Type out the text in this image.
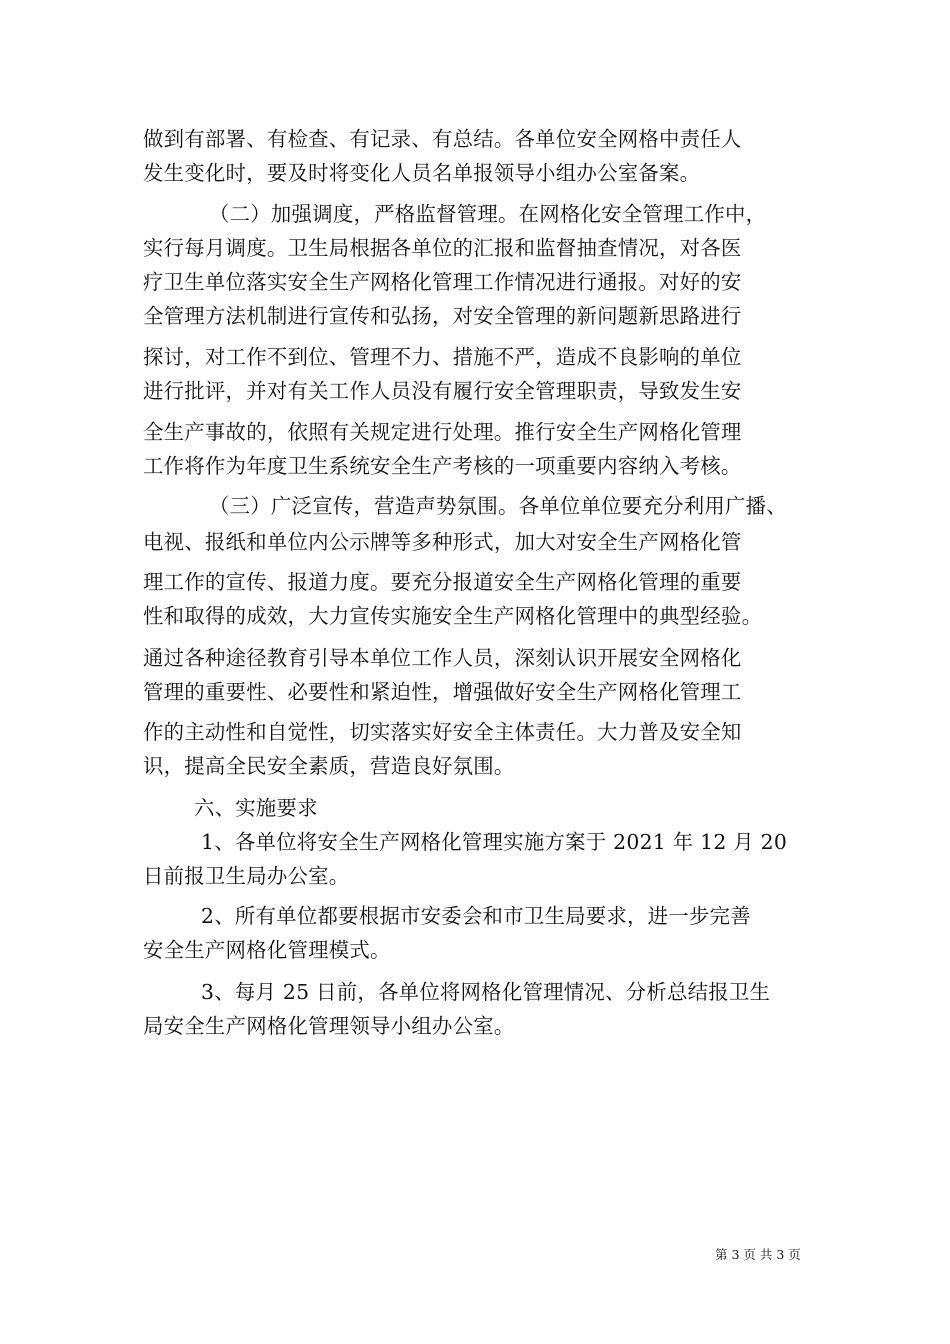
做到有部署、有检查、有记录、有总结。各单位安全网格中责任人
发生变化时，要及时将变化人员名单报领导小组办公室备案。
（二）加强调度，严格监督管理。在网格化安全管理工作中，
实行每月调度。卫生局根据各单位的汇报和监督抽查情况，对各医
疗卫生单位落实安全生产网格化管理工作情况进行通报。对好的安
全管理方法机制进行宣传和弘扬，对安全管理的新问题新思路进行
探讨，对工作不到位、管理不力、措施不严，造成不良影响的单位
进行批评，并对有关工作人员没有履行安全管理职责，导致发生安
全生产事故的，依照有关规定进行处理。推行安全生产网格化管理
工作将作为年度卫生系统安全生产考核的一项重要内容纳入考核。
（三）广泛宣传，营造声势氛围。各单位单位要充分利用广播、
电视、报纸和单位内公示牌等多种形式，加大对安全生产网格化管
理工作的宣传、报道力度。要充分报道安全生产网格化管理的重要
性和取得的成效，大力宣传实施安全生产网格化管理中的典型经验。
通过各种途径教育引导本单位工作人员，深刻认识开展安全网格化
管理的重要性、必要性和紧迫性，增强做好安全生产网格化管理工
作的主动性和自觉性，切实落实好安全主体责任。大力普及安全知
识，提高全民安全素质，营造良好氛围。
六、实施要求
1、各单位将安全生产网格化管理实施方案于 2021 年 12 月 20
日前报卫生局办公室。
2、所有单位都要根据市安委会和市卫生局要求，进一步完善
安全生产网格化管理模式。
3、每月 25 日前，各单位将网格化管理情况、分析总结报卫生
局安全生产网格化管理领导小组办公室。
第 3 页 共 3 页
